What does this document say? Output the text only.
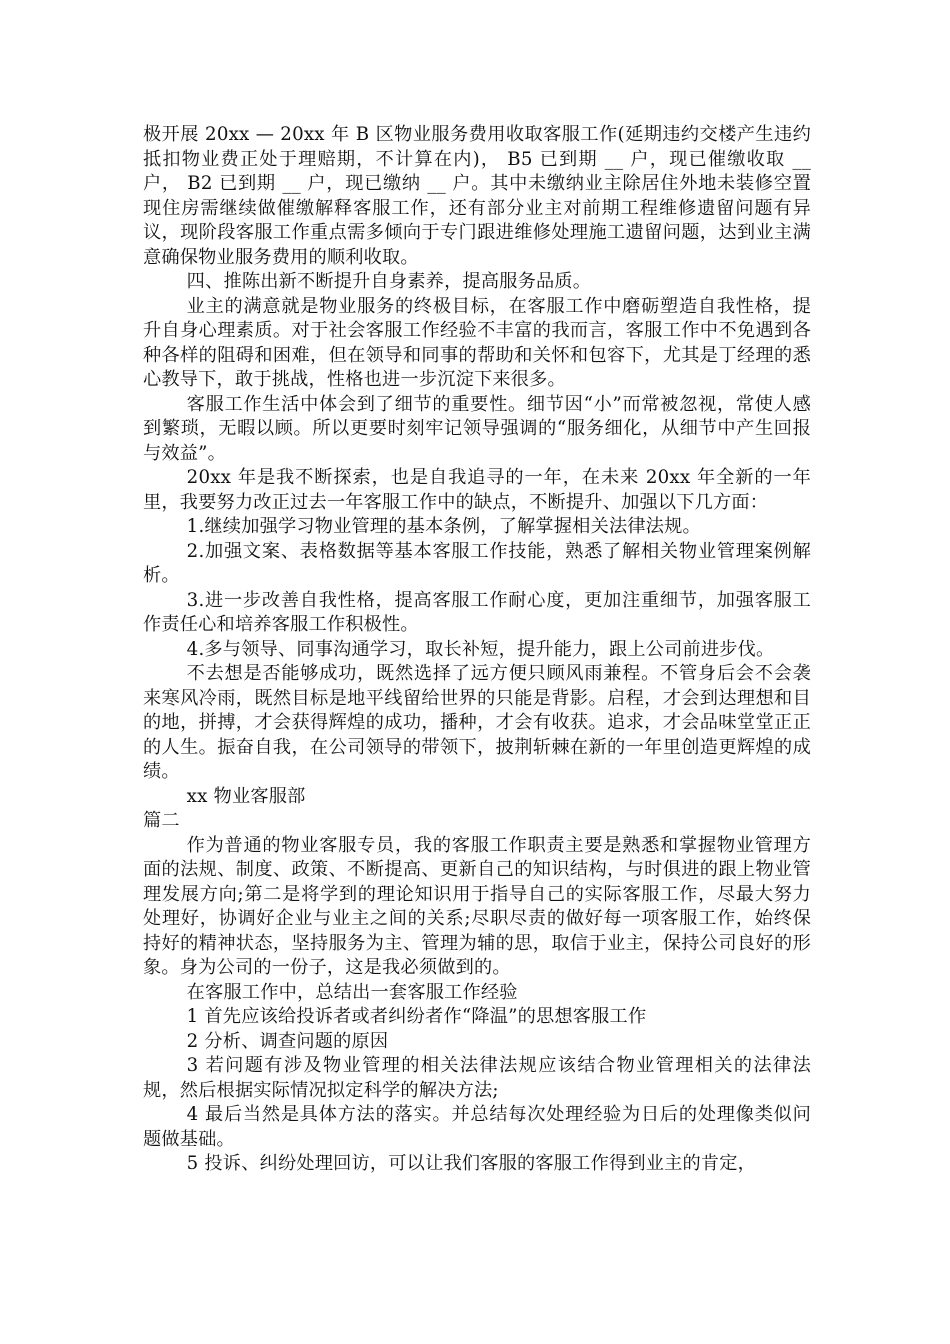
极开展 20xx — 20xx 年 B 区物业服务费用收取客服工作(延期违约交楼产生违约抵扣物业费正处于理赔期，不计算在内)， B5 已到期 __ 户，现已催缴收取 __ 户， B2 已到期 __ 户，现已缴纳 __ 户。其中未缴纳业主除居住外地未装修空置现住房需继续做催缴解释客服工作，还有部分业主对前期工程维修遗留问题有异议，现阶段客服工作重点需多倾向于专门跟进维修处理施工遗留问题，达到业主满意确保物业服务费用的顺利收取。

四、推陈出新不断提升自身素养，提高服务品质。

业主的满意就是物业服务的终极目标，在客服工作中磨砺塑造自我性格，提升自身心理素质。对于社会客服工作经验不丰富的我而言，客服工作中不免遇到各种各样的阻碍和困难，但在领导和同事的帮助和关怀和包容下，尤其是丁经理的悉心教导下，敢于挑战，性格也进一步沉淀下来很多。

客服工作生活中体会到了细节的重要性。细节因“小”而常被忽视，常使人感到繁琐，无暇以顾。所以更要时刻牢记领导强调的“服务细化，从细节中产生回报与效益”。

20xx 年是我不断探索，也是自我追寻的一年，在未来 20xx 年全新的一年里，我要努力改正过去一年客服工作中的缺点，不断提升、加强以下几方面：

1.继续加强学习物业管理的基本条例，了解掌握相关法律法规。

2.加强文案、表格数据等基本客服工作技能，熟悉了解相关物业管理案例解析。

3.进一步改善自我性格，提高客服工作耐心度，更加注重细节，加强客服工作责任心和培养客服工作积极性。

4.多与领导、同事沟通学习，取长补短，提升能力，跟上公司前进步伐。

不去想是否能够成功，既然选择了远方便只顾风雨兼程。不管身后会不会袭来寒风冷雨，既然目标是地平线留给世界的只能是背影。启程，才会到达理想和目的地，拼搏，才会获得辉煌的成功，播种，才会有收获。追求，才会品味堂堂正正的人生。振奋自我，在公司领导的带领下，披荆斩棘在新的一年里创造更辉煌的成绩。

xx 物业客服部

篇二

作为普通的物业客服专员，我的客服工作职责主要是熟悉和掌握物业管理方面的法规、制度、政策、不断提高、更新自己的知识结构，与时俱进的跟上物业管理发展方向;第二是将学到的理论知识用于指导自己的实际客服工作，尽最大努力处理好，协调好企业与业主之间的关系;尽职尽责的做好每一项客服工作，始终保持好的精神状态，坚持服务为主、管理为辅的思，取信于业主，保持公司良好的形象。身为公司的一份子，这是我必须做到的。

在客服工作中，总结出一套客服工作经验

1 首先应该给投诉者或者纠纷者作“降温”的思想客服工作

2 分析、调查问题的原因

3 若问题有涉及物业管理的相关法律法规应该结合物业管理相关的法律法规，然后根据实际情况拟定科学的解决方法;

4 最后当然是具体方法的落实。并总结每次处理经验为日后的处理像类似问题做基础。

5 投诉、纠纷处理回访，可以让我们客服的客服工作得到业主的肯定，
